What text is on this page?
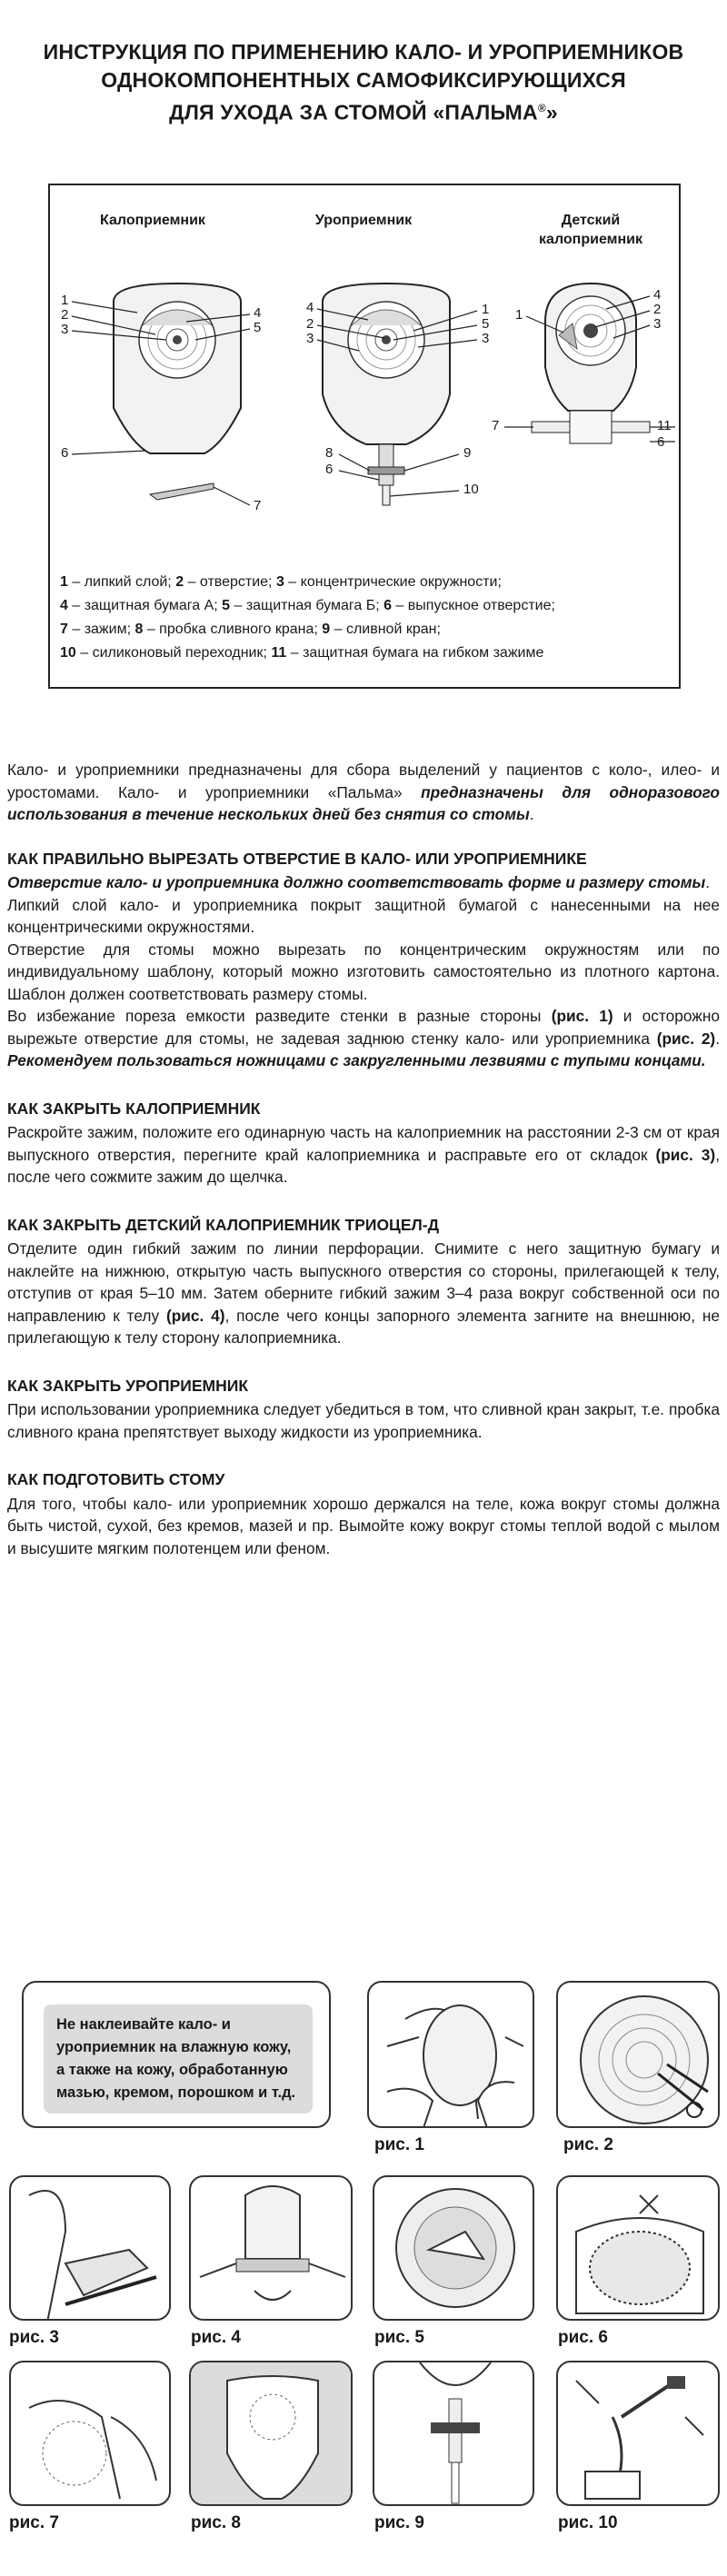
ИНСТРУКЦИЯ ПО ПРИМЕНЕНИЮ КАЛО- И УРОПРИЕМНИКОВ
ОДНОКОМПОНЕНТНЫХ САМОФИКСИРУЮЩИХСЯ
ДЛЯ УХОДА ЗА СТОМОЙ «ПАЛЬМА®»
Калоприемник	Уроприемник	Детский
калоприемник
1
2
3
4
5
6
7
1
5
3
4
2
3
8
6
9
10
4
2
3
1
7	11
6
1 – липкий слой; 2 – отверстие; 3 – концентрические окружности;
4 – защитная бумага А; 5 – защитная бумага Б; 6 – выпускное отверстие;
7 – зажим; 8 – пробка сливного крана; 9 – сливной кран;
10 – силиконовый переходник; 11 – защитная бумага на гибком зажиме

Кало- и уроприемники предназначены для сбора выделений у пациентов с коло-, илео- и уростомами. Кало- и уроприемники «Пальма» предназначены для одноразового использования в течение нескольких дней без снятия со стомы.

КАК ПРАВИЛЬНО ВЫРЕЗАТЬ ОТВЕРСТИЕ В КАЛО- ИЛИ УРОПРИЕМНИКЕ

Отверстие кало- и уроприемника должно соответствовать форме и размеру стомы.

Липкий слой кало- и уроприемника покрыт защитной бумагой с нанесенными на нее концентрическими окружностями.

Отверстие для стомы можно вырезать по концентрическим окружностям или по индивидуальному шаблону, который можно изготовить самостоятельно из плотного картона. Шаблон должен соответствовать размеру стомы.

Во избежание пореза емкости разведите стенки в разные стороны (рис. 1) и осторожно вырежьте отверстие для стомы, не задевая заднюю стенку кало- или уроприемника (рис. 2). Рекомендуем пользоваться ножницами с закругленными лезвиями с тупыми концами.

КАК ЗАКРЫТЬ КАЛОПРИЕМНИК

Раскройте зажим, положите его одинарную часть на калоприемник на расстоянии 2-3 см от края выпускного отверстия, перегните край калоприемника и расправьте его от складок (рис. 3), после чего сожмите зажим до щелчка.

КАК ЗАКРЫТЬ ДЕТСКИЙ КАЛОПРИЕМНИК ТРИОЦЕЛ-Д

Отделите один гибкий зажим по линии перфорации. Снимите с него защитную бумагу и наклейте на нижнюю, открытую часть выпускного отверстия со стороны, прилегающей к телу, отступив от края 5–10 мм. Затем оберните гибкий зажим 3–4 раза вокруг собственной оси по направлению к телу (рис. 4), после чего концы запорного элемента загните на внешнюю, не прилегающую к телу сторону калоприемника.

КАК ЗАКРЫТЬ УРОПРИЕМНИК

При использовании уроприемника следует убедиться в том, что сливной кран закрыт, т.е. пробка сливного крана препятствует выходу жидкости из уроприемника.

КАК ПОДГОТОВИТЬ СТОМУ

Для того, чтобы кало- или уроприемник хорошо держался на теле, кожа вокруг стомы должна быть чистой, сухой, без кремов, мазей и пр. Вымойте кожу вокруг стомы теплой водой с мылом и высушите мягким полотенцем или феном.

Не наклеивайте кало- и
уроприемник на влажную кожу,
а также на кожу, обработанную
мазью, кремом, порошком и т.д.
рис. 1	рис. 2
рис. 3	рис. 4	рис. 5	рис. 6
рис. 7	рис. 8	рис. 9	рис. 10
